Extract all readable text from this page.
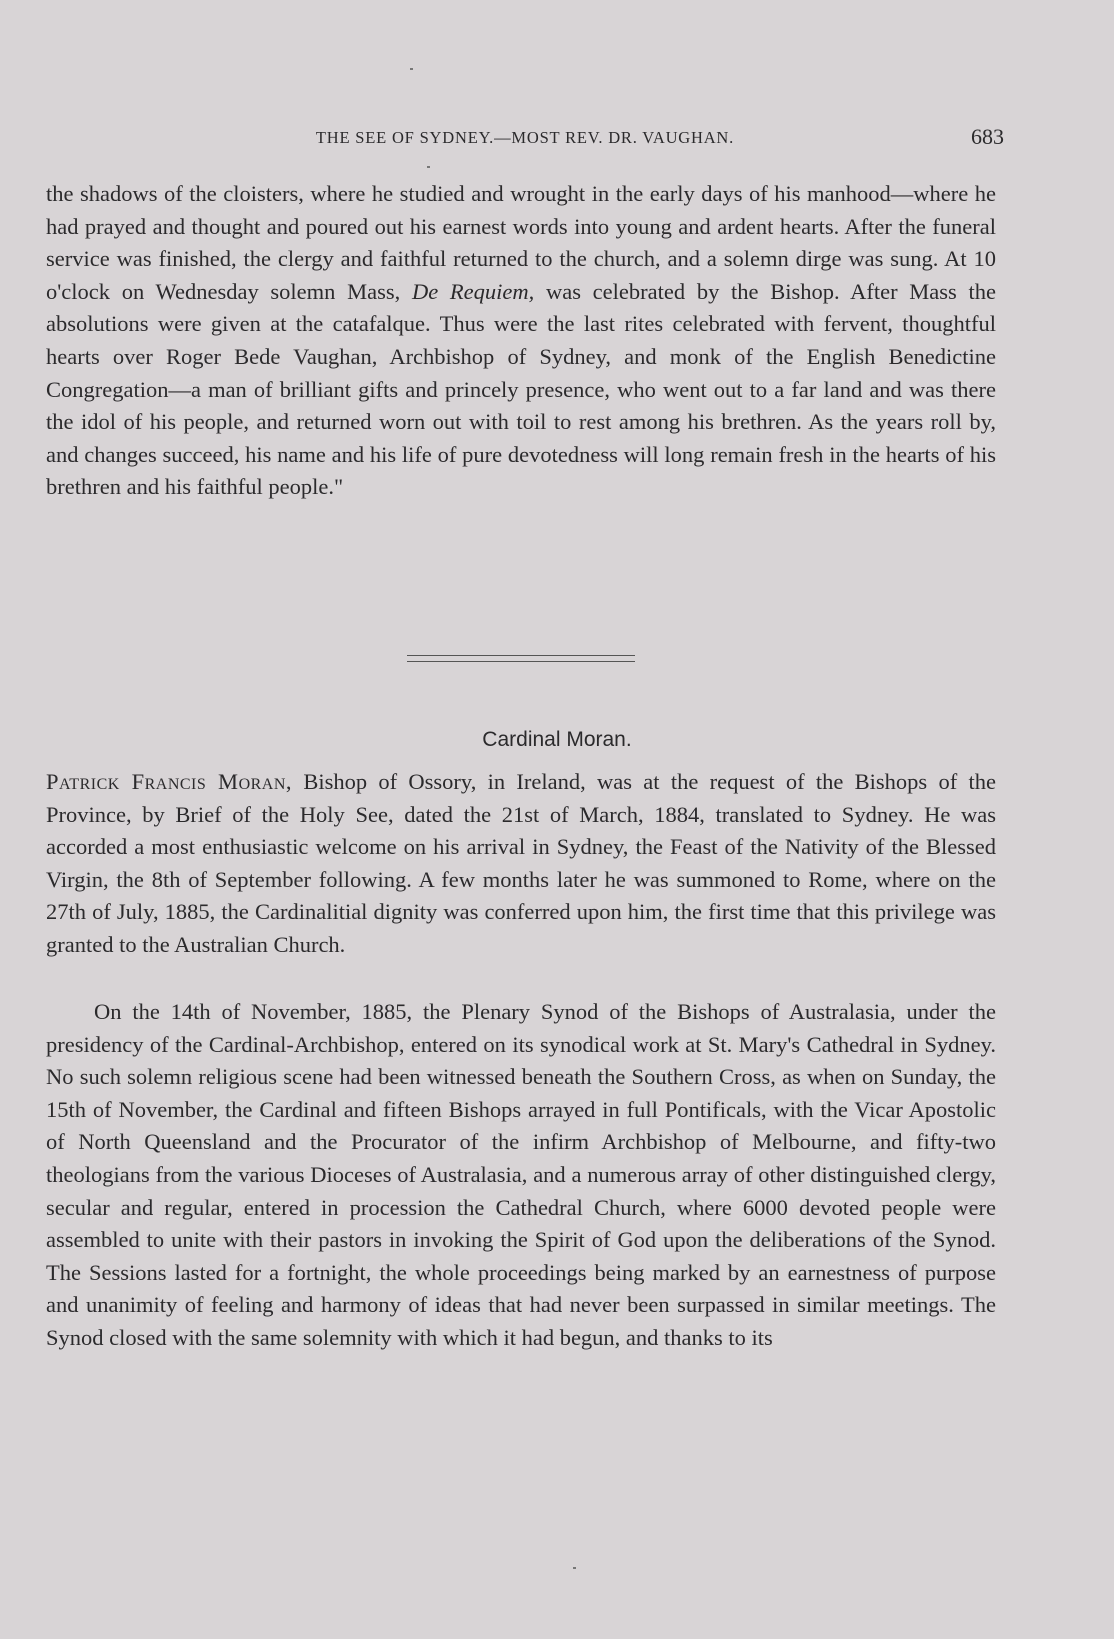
THE SEE OF SYDNEY.—MOST REV. DR. VAUGHAN.	683

the shadows of the cloisters, where he studied and wrought in the early days of his manhood—where he had prayed and thought and poured out his earnest words into young and ardent hearts. After the funeral service was finished, the clergy and faithful returned to the church, and a solemn dirge was sung. At 10 o'clock on Wednesday solemn Mass, De Requiem, was celebrated by the Bishop. After Mass the absolutions were given at the catafalque. Thus were the last rites celebrated with fervent, thoughtful hearts over Roger Bede Vaughan, Archbishop of Sydney, and monk of the English Benedictine Congregation—a man of brilliant gifts and princely presence, who went out to a far land and was there the idol of his people, and returned worn out with toil to rest among his brethren. As the years roll by, and changes succeed, his name and his life of pure devotedness will long remain fresh in the hearts of his brethren and his faithful people."

Cardinal Moran.

Patrick Francis Moran, Bishop of Ossory, in Ireland, was at the request of the Bishops of the Province, by Brief of the Holy See, dated the 21st of March, 1884, translated to Sydney. He was accorded a most enthusiastic welcome on his arrival in Sydney, the Feast of the Nativity of the Blessed Virgin, the 8th of September following. A few months later he was summoned to Rome, where on the 27th of July, 1885, the Cardinalitial dignity was conferred upon him, the first time that this privilege was granted to the Australian Church.

On the 14th of November, 1885, the Plenary Synod of the Bishops of Australasia, under the presidency of the Cardinal-Archbishop, entered on its synodical work at St. Mary's Cathedral in Sydney. No such solemn religious scene had been witnessed beneath the Southern Cross, as when on Sunday, the 15th of November, the Cardinal and fifteen Bishops arrayed in full Pontificals, with the Vicar Apostolic of North Queensland and the Procurator of the infirm Archbishop of Melbourne, and fifty-two theologians from the various Dioceses of Australasia, and a numerous array of other distinguished clergy, secular and regular, entered in procession the Cathedral Church, where 6000 devoted people were assembled to unite with their pastors in invoking the Spirit of God upon the deliberations of the Synod. The Sessions lasted for a fortnight, the whole proceedings being marked by an earnestness of purpose and unanimity of feeling and harmony of ideas that had never been surpassed in similar meetings. The Synod closed with the same solemnity with which it had begun, and thanks to its
